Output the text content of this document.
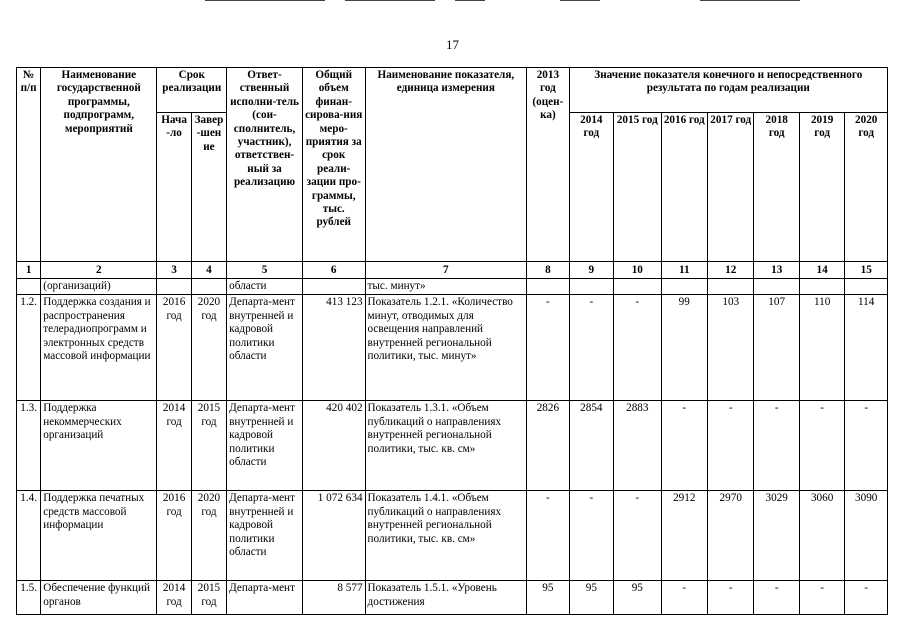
17
№ п/п	Наименование государственной программы, подпрограмм, мероприятий	Срок реализации		Ответ-ственный исполни-тель (сои-сполнитель, участник), ответствен-ный за реализацию	Общий объем финан-сирова-ния меро-приятия за срок реали-зации про-граммы, тыс. рублей	Наименование показателя, единица измерения	2013 год (оцен-ка)	Значение показателя конечного и непосредственного результата по годам реализации						
		Нача-ло	Завер-шение					2014 год	2015 год	2016 год	2017 год	2018 год	2019 год	2020 год
1	2	3	4	5	6	7	8	9	10	11	12	13	14	15
	(организаций)			области		тыс. минут»								
1.2.	Поддержка создания и распространения телерадиопрограмм и электронных средств массовой информации	2016 год	2020 год	Департа-мент внутренней и кадровой политики области	413 123	Показатель 1.2.1. «Количество минут, отводимых для освещения направлений внутренней региональной политики, тыс. минут»	-	-	-	99	103	107	110	114
1.3.	Поддержка некоммерческих организаций	2014 год	2015 год	Департа-мент внутренней и кадровой политики области	420 402	Показатель 1.3.1. «Объем публикаций о направлениях внутренней региональной политики, тыс. кв. см»	2826	2854	2883	-	-	-	-	-
1.4.	Поддержка печатных средств массовой информации	2016 год	2020 год	Департа-мент внутренней и кадровой политики области	1 072 634	Показатель 1.4.1. «Объем публикаций о направлениях внутренней региональной политики, тыс. кв. см»	-	-	-	2912	2970	3029	3060	3090
1.5.	Обеспечение функций органов	2014 год	2015 год	Департа-мент	8 577	Показатель 1.5.1. «Уровень достижения	95	95	95	-	-	-	-	-
